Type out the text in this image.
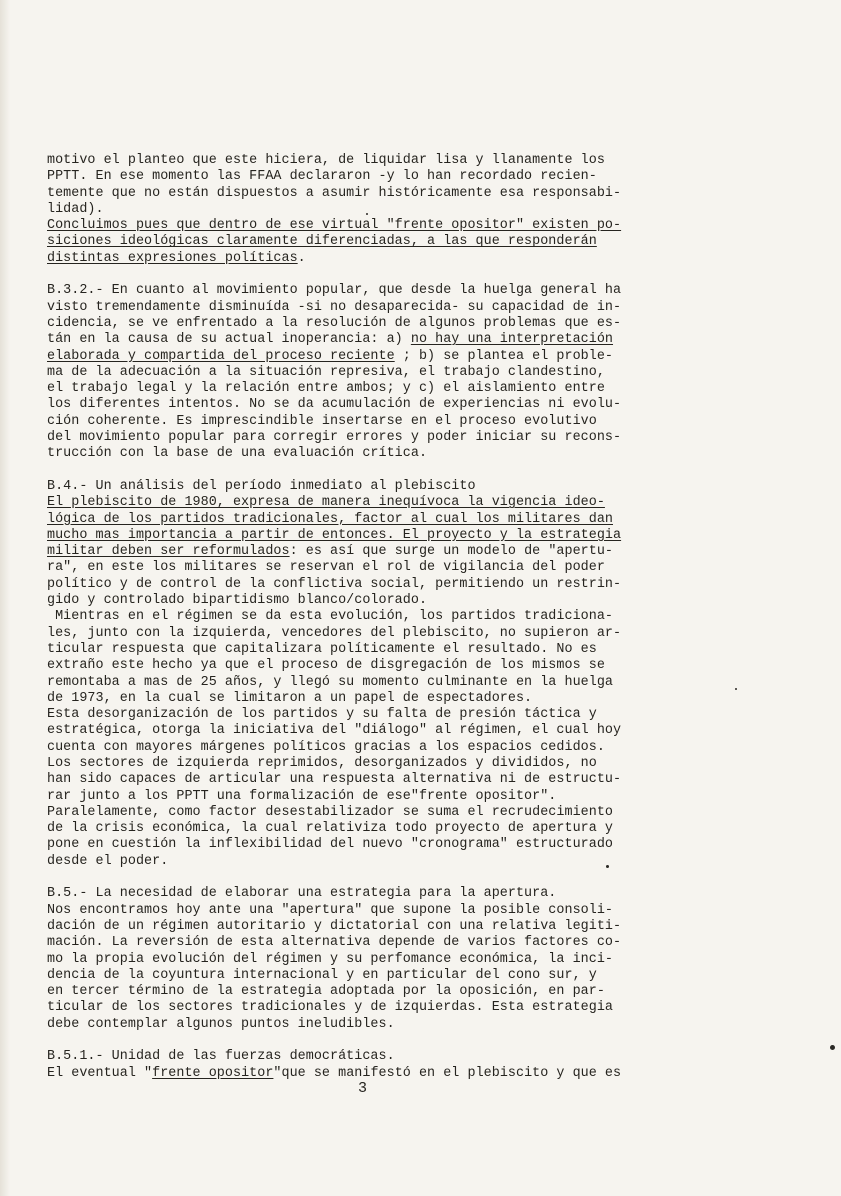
motivo el planteo que este hiciera, de liquidar lisa y llanamente los
PPTT. En ese momento las FFAA declararon -y lo han recordado recien-
temente que no están dispuestos a asumir históricamente esa responsabi-
lidad).
Concluimos pues que dentro de ese virtual "frente opositor" existen po-
siciones ideológicas claramente diferenciadas, a las que responderán
distintas expresiones políticas.
B.3.2.- En cuanto al movimiento popular, que desde la huelga general ha
visto tremendamente disminuída -si no desaparecida- su capacidad de in-
cidencia, se ve enfrentado a la resolución de algunos problemas que es-
tán en la causa de su actual inoperancia: a) no hay una interpretación
elaborada y compartida del proceso reciente ; b) se plantea el proble-
ma de la adecuación a la situación represiva, el trabajo clandestino,
el trabajo legal y la relación entre ambos; y c) el aislamiento entre
los diferentes intentos. No se da acumulación de experiencias ni evolu-
ción coherente. Es imprescindible insertarse en el proceso evolutivo
del movimiento popular para corregir errores y poder iniciar su recons-
trucción con la base de una evaluación crítica.
B.4.- Un análisis del período inmediato al plebiscito
El plebiscito de 1980, expresa de manera inequívoca la vigencia ideo-
lógica de los partidos tradicionales, factor al cual los militares dan
mucho mas importancia a partir de entonces. El proyecto y la estrategia
militar deben ser reformulados: es así que surge un modelo de "apertu-
ra", en este los militares se reservan el rol de vigilancia del poder
político y de control de la conflictiva social, permitiendo un restrin-
gido y controlado bipartidismo blanco/colorado.
Mientras en el régimen se da esta evolución, los partidos tradiciona-
les, junto con la izquierda, vencedores del plebiscito, no supieron ar-
ticular respuesta que capitalizara políticamente el resultado. No es
extraño este hecho ya que el proceso de disgregación de los mismos se
remontaba a mas de 25 años, y llegó su momento culminante en la huelga
de 1973, en la cual se limitaron a un papel de espectadores.
Esta desorganización de los partidos y su falta de presión táctica y
estratégica, otorga la iniciativa del "diálogo" al régimen, el cual hoy
cuenta con mayores márgenes políticos gracias a los espacios cedidos.
Los sectores de izquierda reprimidos, desorganizados y divididos, no
han sido capaces de articular una respuesta alternativa ni de estructu-
rar junto a los PPTT una formalización de ese"frente opositor".
Paralelamente, como factor desestabilizador se suma el recrudecimiento
de la crisis económica, la cual relativiza todo proyecto de apertura y
pone en cuestión la inflexibilidad del nuevo "cronograma" estructurado
desde el poder.
B.5.- La necesidad de elaborar una estrategia para la apertura.
Nos encontramos hoy ante una "apertura" que supone la posible consoli-
dación de un régimen autoritario y dictatorial con una relativa legiti-
mación. La reversión de esta alternativa depende de varios factores co-
mo la propia evolución del régimen y su perfomance económica, la inci-
dencia de la coyuntura internacional y en particular del cono sur, y
en tercer término de la estrategia adoptada por la oposición, en par-
ticular de los sectores tradicionales y de izquierdas. Esta estrategia
debe contemplar algunos puntos ineludibles.
B.5.1.- Unidad de las fuerzas democráticas.
El eventual "frente opositor"que se manifestó en el plebiscito y que es
3
